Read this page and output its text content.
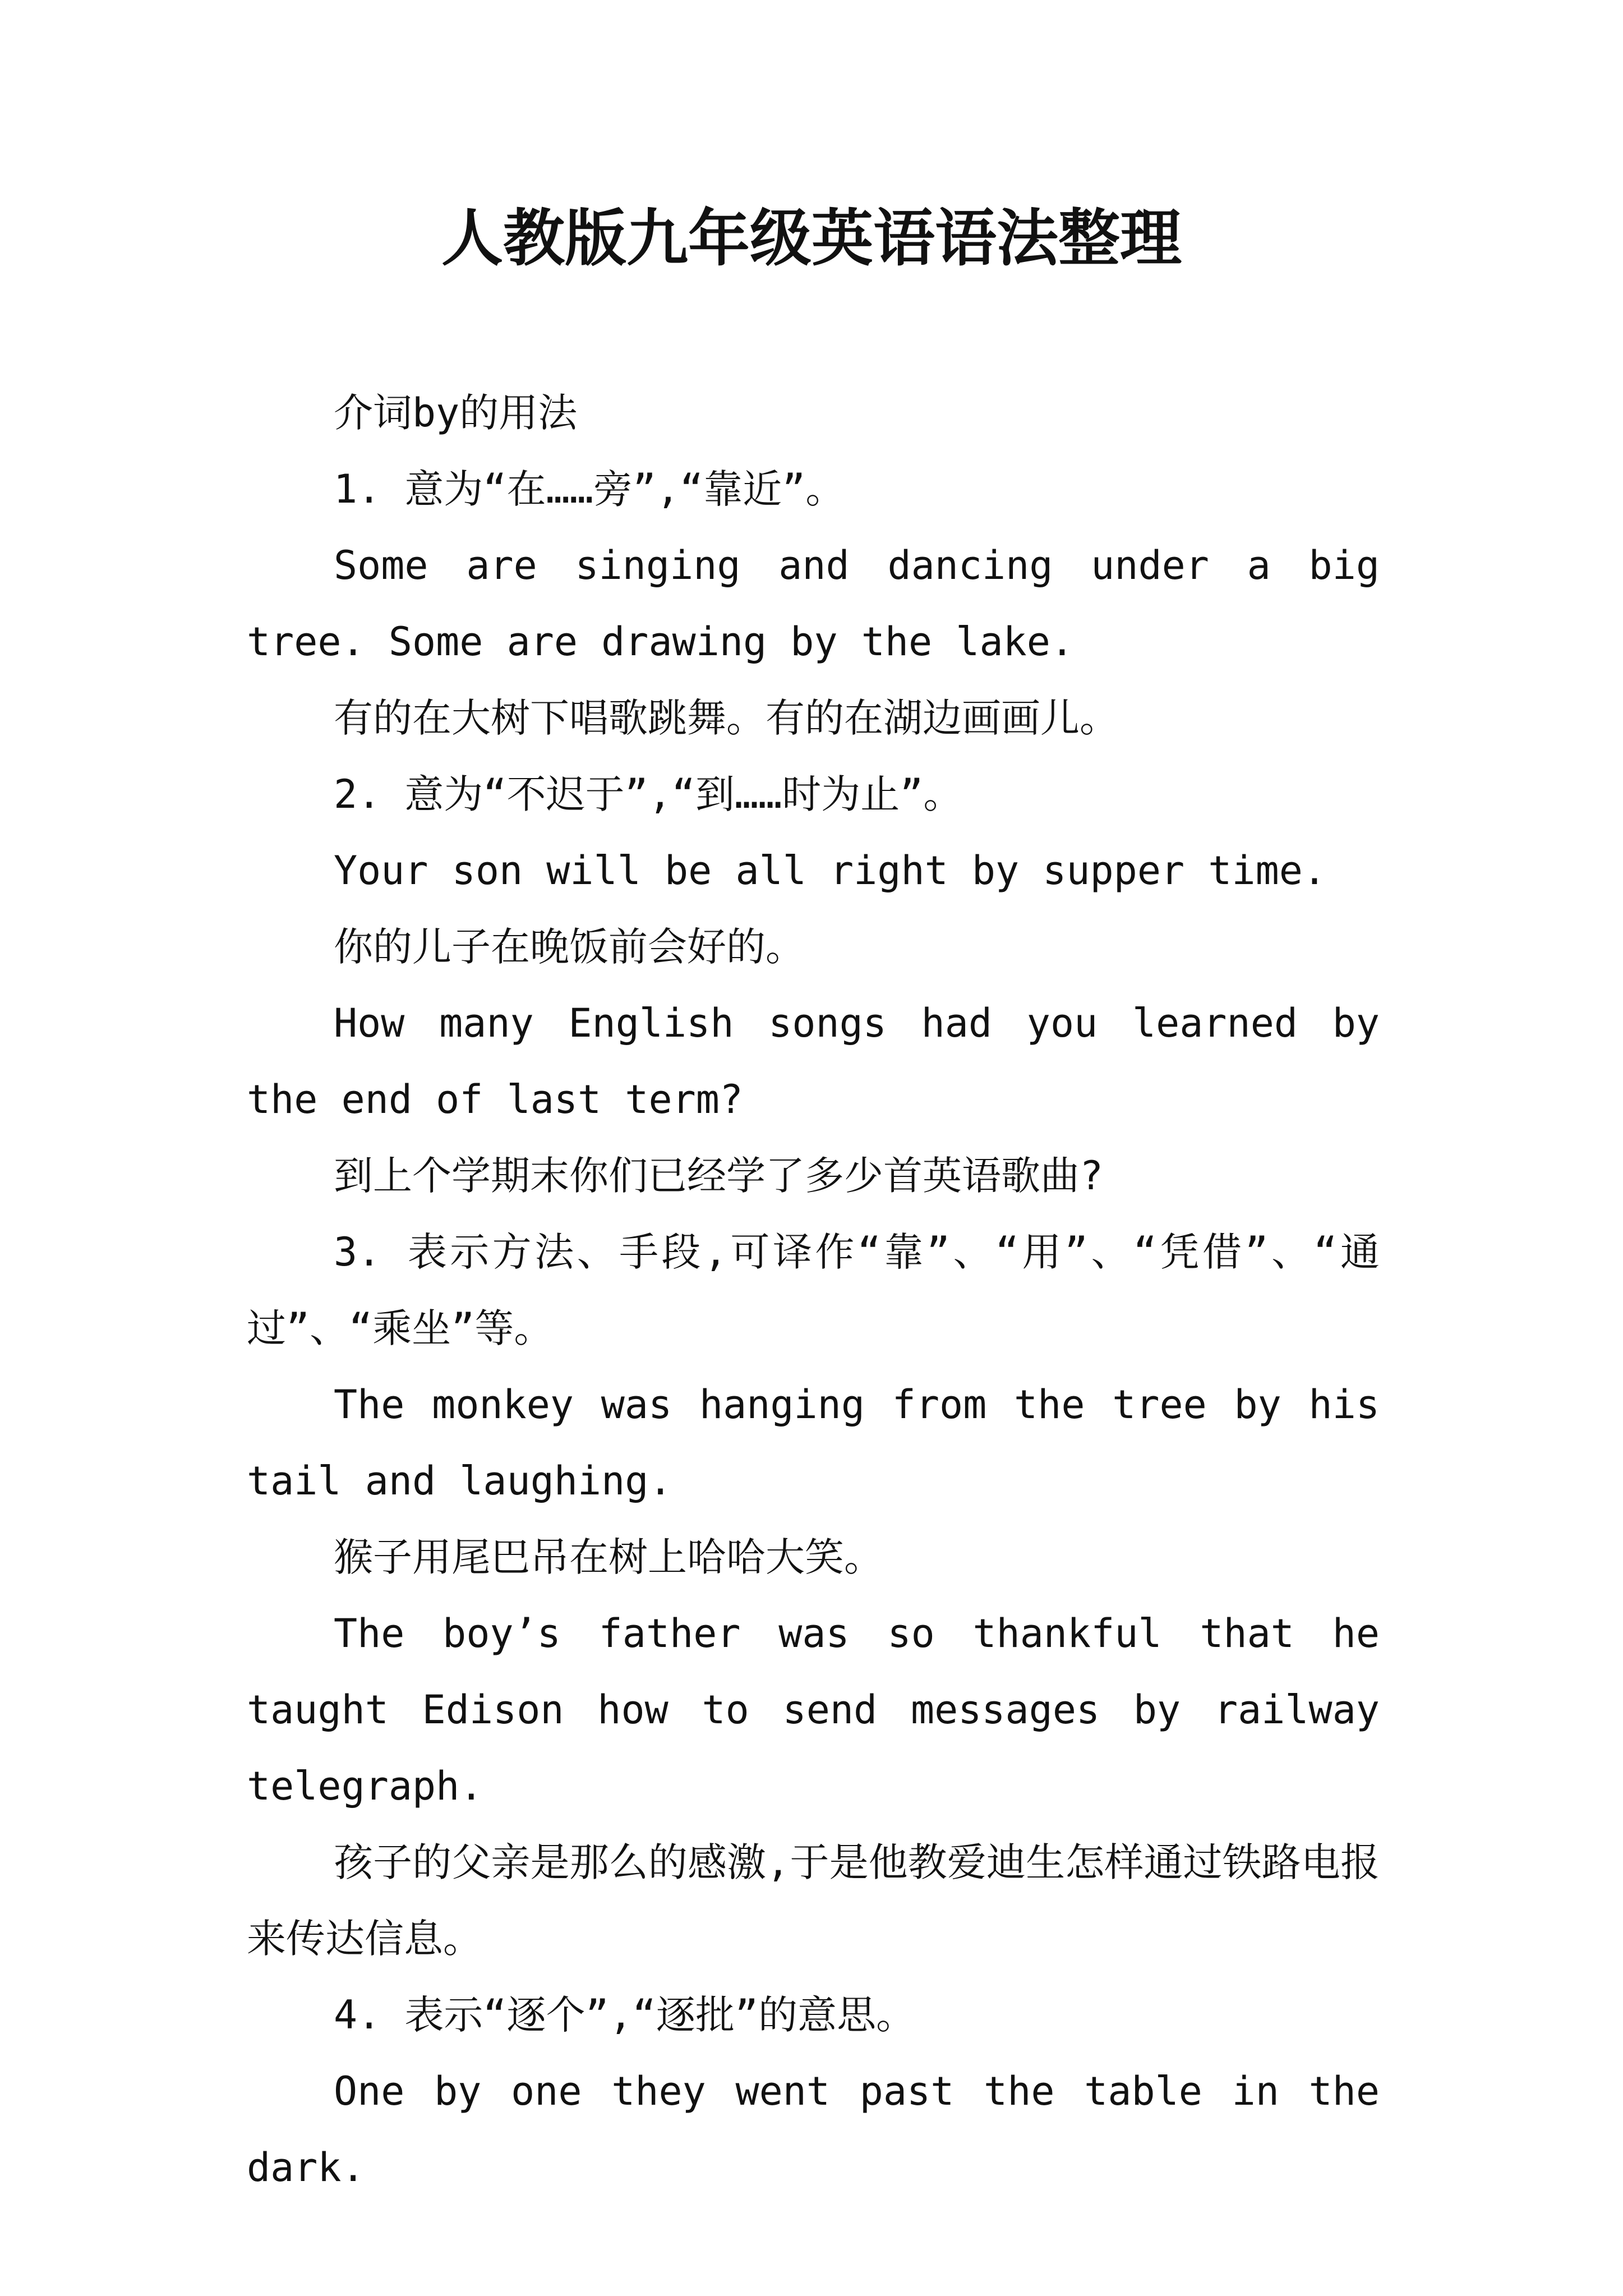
人教版九年级英语语法整理

介词by的用法

1. 意为“在……旁”,“靠近”。

Some are singing and dancing under a big tree. Some are drawing by the lake.

有的在大树下唱歌跳舞。有的在湖边画画儿。

2. 意为“不迟于”,“到……时为止”。

Your son will be all right by supper time.

你的儿子在晚饭前会好的。

How many English songs had you learned by the end of last term?

到上个学期末你们已经学了多少首英语歌曲?

3. 表示方法、手段,可译作“靠”、“用”、“凭借”、“通过”、“乘坐”等。

The monkey was hanging from the tree by his tail and laughing.

猴子用尾巴吊在树上哈哈大笑。

The boy’s father was so thankful that he taught Edison how to send messages by railway telegraph.

孩子的父亲是那么的感激,于是他教爱迪生怎样通过铁路电报来传达信息。

4. 表示“逐个”,“逐批”的意思。

One by one they went past the table in the dark.
